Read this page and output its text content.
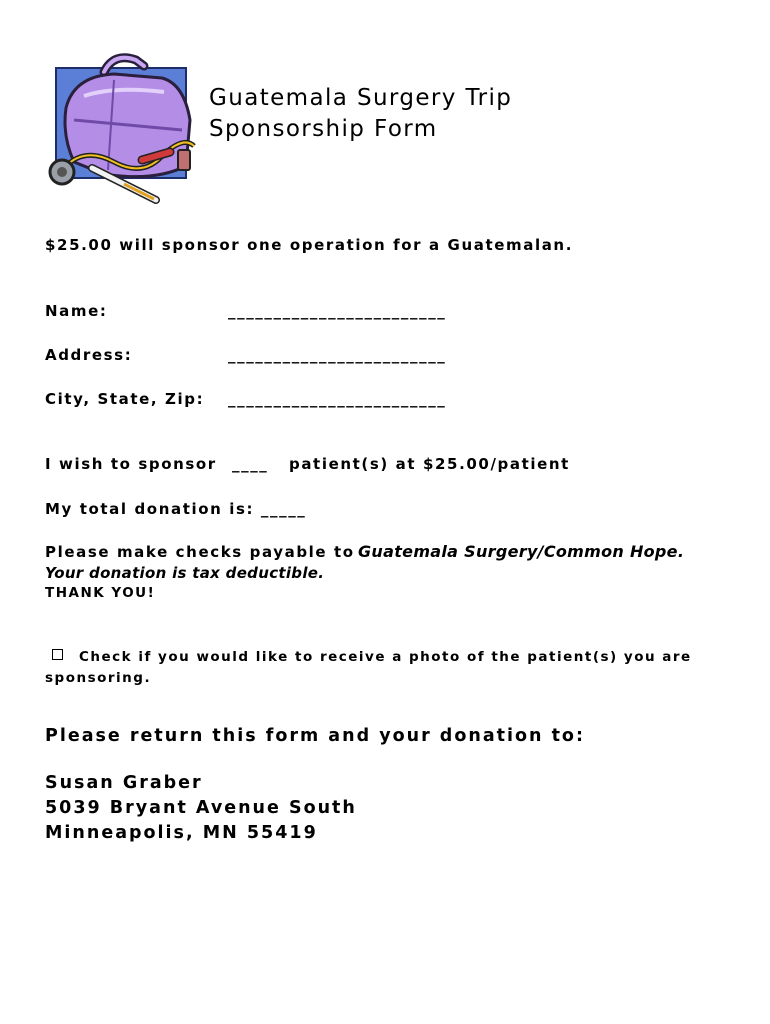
Guatemala Surgery Trip
Sponsorship Form
$25.00 will sponsor one operation for a Guatemalan.
Name:	________________________
Address:	________________________
City, State, Zip: ________________________
I wish to sponsor ____ patient(s) at $25.00/patient
My total donation is: _____
Please make checks payable to Guatemala Surgery/Common Hope.
Your donation is tax deductible.
THANK YOU!
Check if you would like to receive a photo of the patient(s) you are
sponsoring.
Please return this form and your donation to:
Susan Graber
5039 Bryant Avenue South
Minneapolis, MN 55419
